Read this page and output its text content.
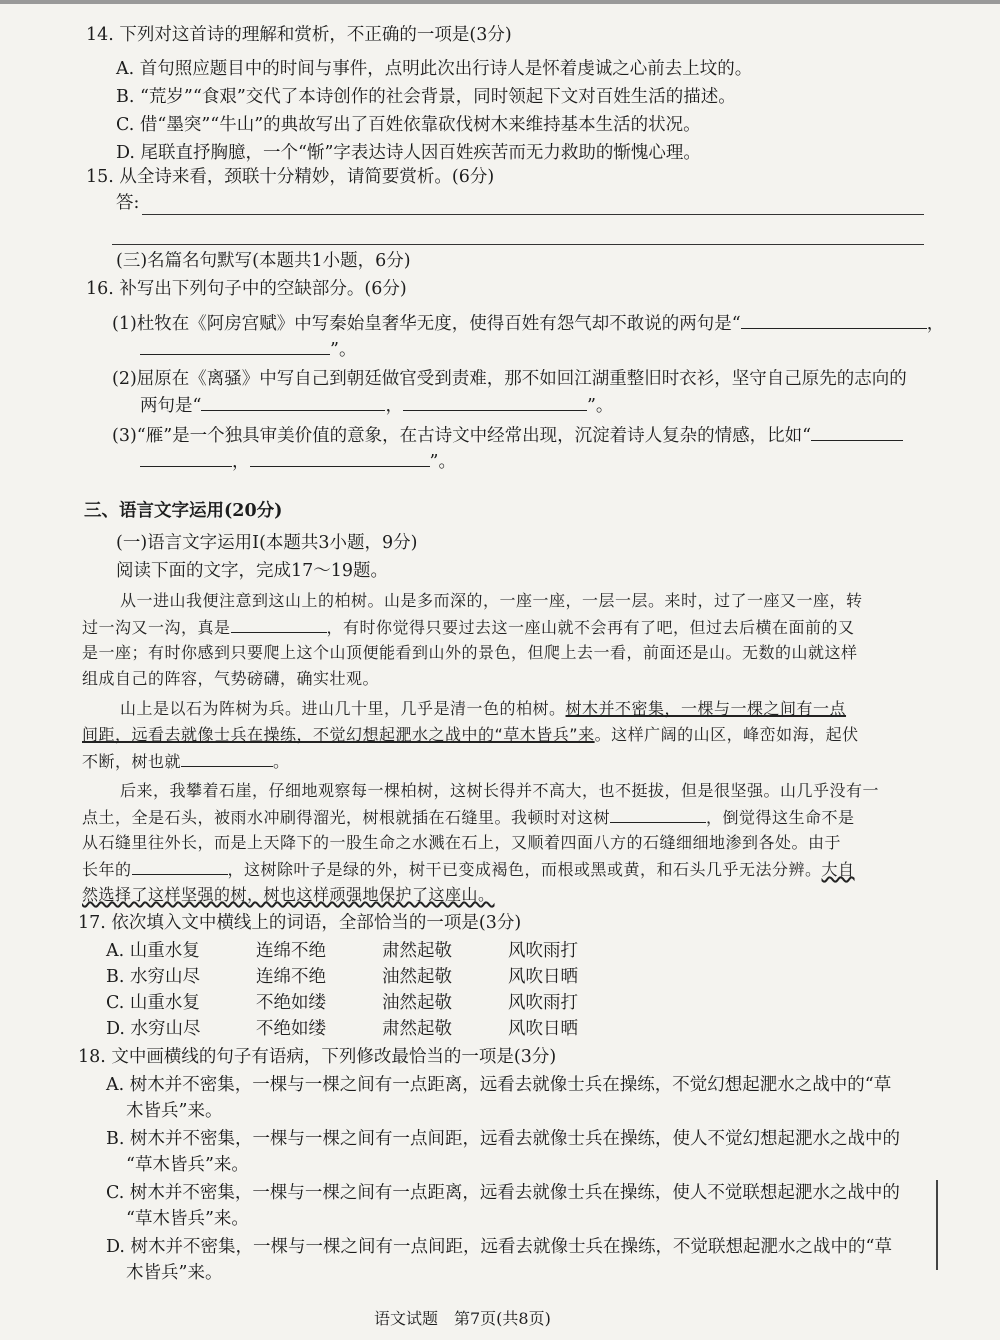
14. 下列对这首诗的理解和赏析，不正确的一项是(3分)
A. 首句照应题目中的时间与事件，点明此次出行诗人是怀着虔诚之心前去上坟的。
B. “荒岁”“食艰”交代了本诗创作的社会背景，同时领起下文对百姓生活的描述。
C. 借“墨突”“牛山”的典故写出了百姓依靠砍伐树木来维持基本生活的状况。
D. 尾联直抒胸臆，一个“惭”字表达诗人因百姓疾苦而无力救助的惭愧心理。
15. 从全诗来看，颈联十分精妙，请简要赏析。(6分)
答:
(三)名篇名句默写(本题共1小题，6分)
16. 补写出下列句子中的空缺部分。(6分)
(1)杜牧在《阿房宫赋》中写秦始皇奢华无度，使得百姓有怨气却不敢说的两句是“	，
”。
(2)屈原在《离骚》中写自己到朝廷做官受到责难，那不如回江湖重整旧时衣衫，坚守自己原先的志向的
两句是“	，	”。
(3)“雁”是一个独具审美价值的意象，在古诗文中经常出现，沉淀着诗人复杂的情感，比如“
，	”。
三、语言文字运用(20分)
(一)语言文字运用Ⅰ(本题共3小题，9分)
阅读下面的文字，完成17～19题。
从一进山我便注意到这山上的柏树。山是多而深的，一座一座，一层一层。来时，过了一座又一座，转
过一沟又一沟，真是	，有时你觉得只要过去这一座山就不会再有了吧，但过去后横在面前的又
是一座；有时你感到只要爬上这个山顶便能看到山外的景色，但爬上去一看，前面还是山。无数的山就这样
组成自己的阵容，气势磅礴，确实壮观。
山上是以石为阵树为兵。进山几十里，几乎是清一色的柏树。树木并不密集，一棵与一棵之间有一点
间距，远看去就像士兵在操练，不觉幻想起淝水之战中的“草木皆兵”来。这样广阔的山区，峰峦如海，起伏
不断，树也就	。
后来，我攀着石崖，仔细地观察每一棵柏树，这树长得并不高大，也不挺拔，但是很坚强。山几乎没有一
点土，全是石头，被雨水冲刷得溜光，树根就插在石缝里。我顿时对这树	，倒觉得这生命不是
从石缝里往外长，而是上天降下的一股生命之水溅在石上，又顺着四面八方的石缝细细地渗到各处。由于
长年的	，这树除叶子是绿的外，树干已变成褐色，而根或黑或黄，和石头几乎无法分辨。大自
然选择了这样坚强的树，树也这样顽强地保护了这座山。
17. 依次填入文中横线上的词语，全部恰当的一项是(3分)
A. 山重水复	连绵不绝	肃然起敬	风吹雨打
B. 水穷山尽	连绵不绝	油然起敬	风吹日晒
C. 山重水复	不绝如缕	油然起敬	风吹雨打
D. 水穷山尽	不绝如缕	肃然起敬	风吹日晒
18. 文中画横线的句子有语病，下列修改最恰当的一项是(3分)
A. 树木并不密集，一棵与一棵之间有一点距离，远看去就像士兵在操练，不觉幻想起淝水之战中的“草
木皆兵”来。
B. 树木并不密集，一棵与一棵之间有一点间距，远看去就像士兵在操练，使人不觉幻想起淝水之战中的
“草木皆兵”来。
C. 树木并不密集，一棵与一棵之间有一点距离，远看去就像士兵在操练，使人不觉联想起淝水之战中的
“草木皆兵”来。
D. 树木并不密集，一棵与一棵之间有一点间距，远看去就像士兵在操练，不觉联想起淝水之战中的“草
木皆兵”来。
语文试题　第7页(共8页)
